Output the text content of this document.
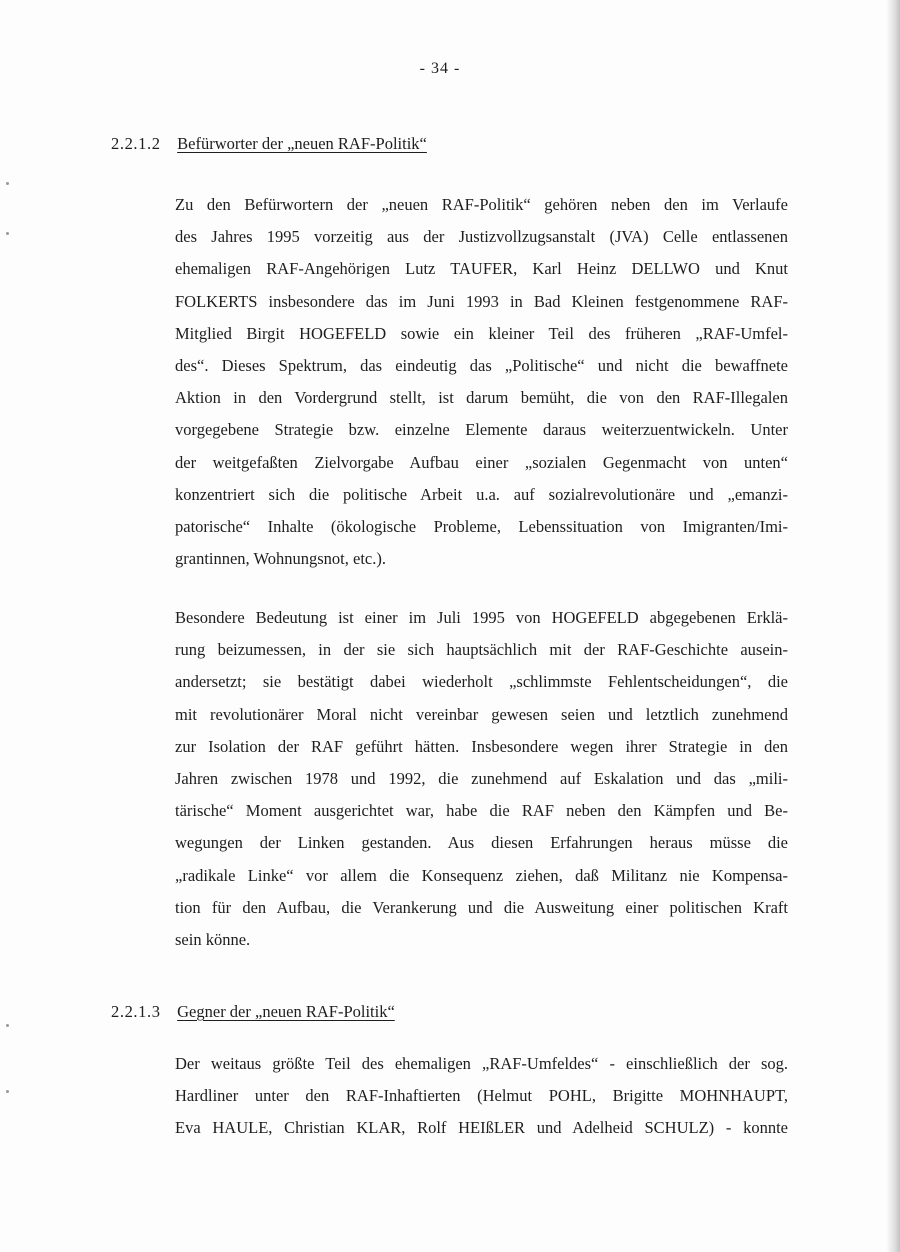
- 34 -
2.2.1.2 Befürworter der „neuen RAF-Politik“
Zu den Befürwortern der „neuen RAF-Politik“ gehören neben den im Verlaufe
des Jahres 1995 vorzeitig aus der Justizvollzugsanstalt (JVA) Celle entlassenen
ehemaligen RAF-Angehörigen Lutz TAUFER, Karl Heinz DELLWO und Knut
FOLKERTS insbesondere das im Juni 1993 in Bad Kleinen festgenommene RAF-
Mitglied Birgit HOGEFELD sowie ein kleiner Teil des früheren „RAF-Umfel-
des“. Dieses Spektrum, das eindeutig das „Politische“ und nicht die bewaffnete
Aktion in den Vordergrund stellt, ist darum bemüht, die von den RAF-Illegalen
vorgegebene Strategie bzw. einzelne Elemente daraus weiterzuentwickeln. Unter
der weitgefaßten Zielvorgabe Aufbau einer „sozialen Gegenmacht von unten“
konzentriert sich die politische Arbeit u.a. auf sozialrevolutionäre und „emanzi-
patorische“ Inhalte (ökologische Probleme, Lebenssituation von Imigranten/Imi-
grantinnen, Wohnungsnot, etc.).
Besondere Bedeutung ist einer im Juli 1995 von HOGEFELD abgegebenen Erklä-
rung beizumessen, in der sie sich hauptsächlich mit der RAF-Geschichte ausein-
andersetzt; sie bestätigt dabei wiederholt „schlimmste Fehlentscheidungen“, die
mit revolutionärer Moral nicht vereinbar gewesen seien und letztlich zunehmend
zur Isolation der RAF geführt hätten. Insbesondere wegen ihrer Strategie in den
Jahren zwischen 1978 und 1992, die zunehmend auf Eskalation und das „mili-
tärische“ Moment ausgerichtet war, habe die RAF neben den Kämpfen und Be-
wegungen der Linken gestanden. Aus diesen Erfahrungen heraus müsse die
„radikale Linke“ vor allem die Konsequenz ziehen, daß Militanz nie Kompensa-
tion für den Aufbau, die Verankerung und die Ausweitung einer politischen Kraft
sein könne.
2.2.1.3 Gegner der „neuen RAF-Politik“
Der weitaus größte Teil des ehemaligen „RAF-Umfeldes“ - einschließlich der sog.
Hardliner unter den RAF-Inhaftierten (Helmut POHL, Brigitte MOHNHAUPT,
Eva HAULE, Christian KLAR, Rolf HEIßLER und Adelheid SCHULZ) - konnte
